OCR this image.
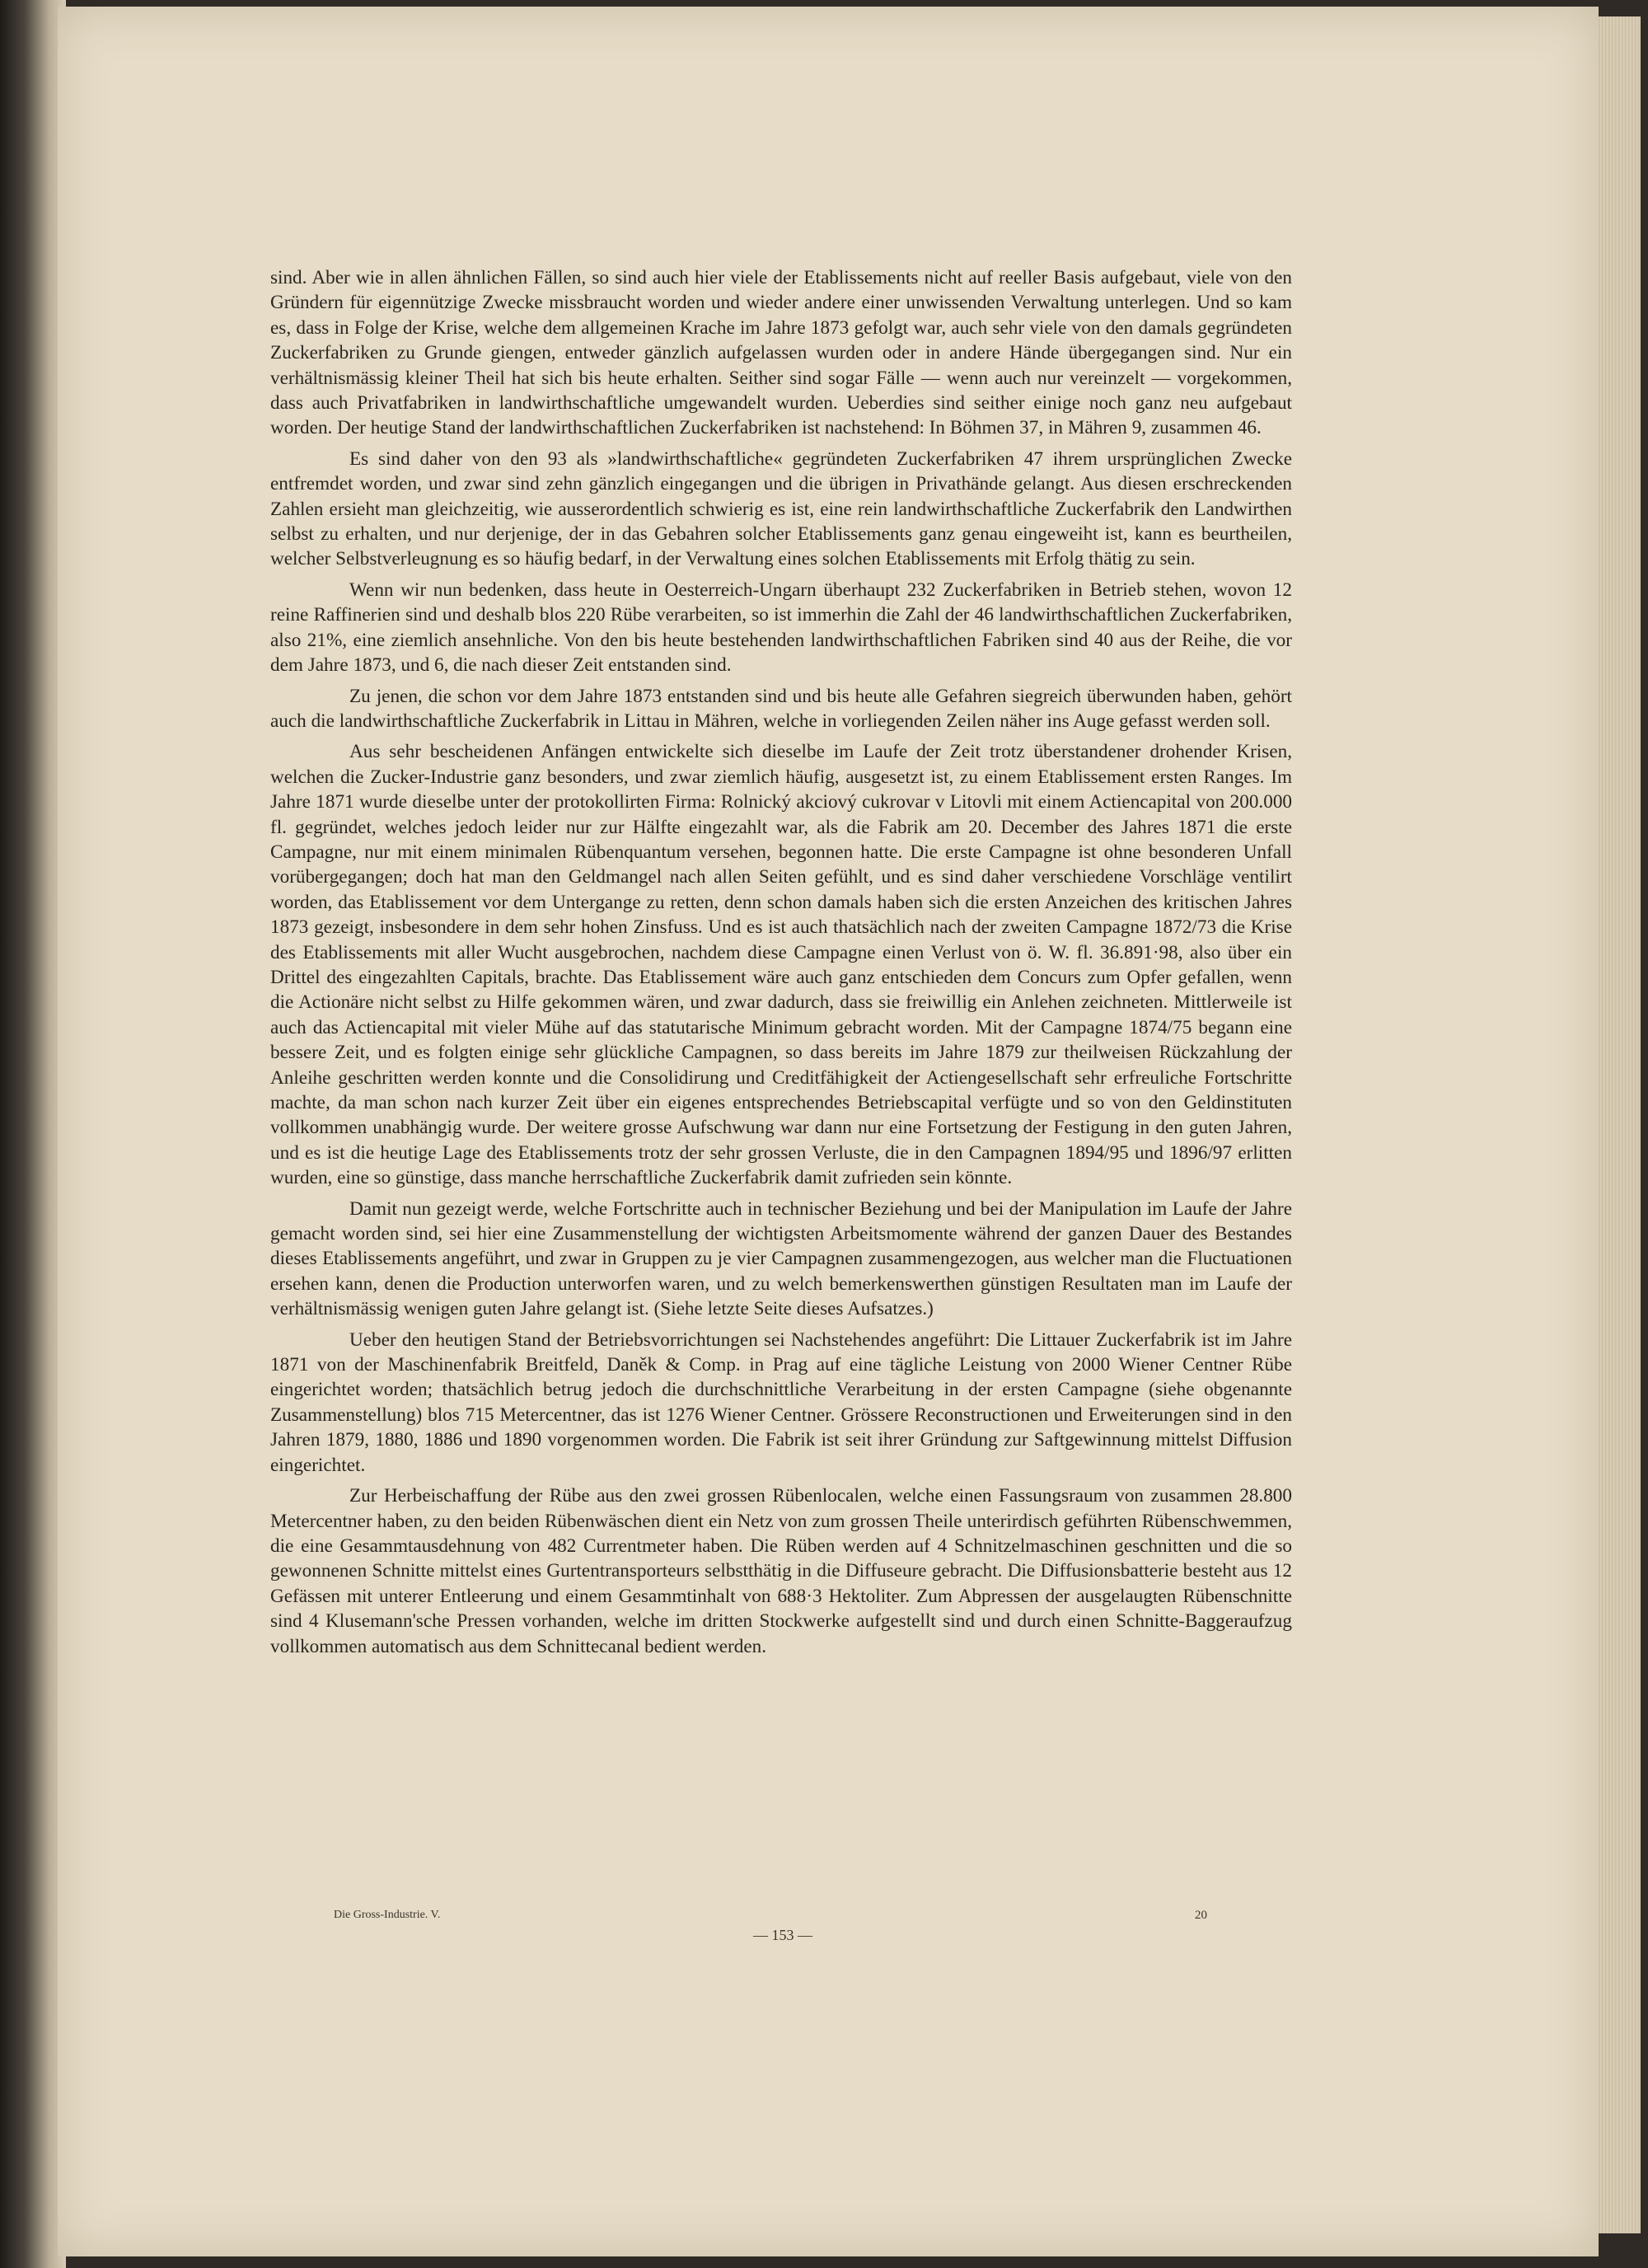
sind. Aber wie in allen ähnlichen Fällen, so sind auch hier viele der Etablissements nicht auf reeller Basis aufgebaut, viele von den Gründern für eigennützige Zwecke missbraucht worden und wieder andere einer unwissenden Verwaltung unterlegen. Und so kam es, dass in Folge der Krise, welche dem allgemeinen Krache im Jahre 1873 gefolgt war, auch sehr viele von den damals gegründeten Zuckerfabriken zu Grunde giengen, entweder gänzlich aufgelassen wurden oder in andere Hände übergegangen sind. Nur ein verhältnismässig kleiner Theil hat sich bis heute erhalten. Seither sind sogar Fälle — wenn auch nur vereinzelt — vorgekommen, dass auch Privatfabriken in landwirthschaftliche umgewandelt wurden. Ueberdies sind seither einige noch ganz neu aufgebaut worden. Der heutige Stand der landwirthschaftlichen Zuckerfabriken ist nachstehend: In Böhmen 37, in Mähren 9, zusammen 46.

Es sind daher von den 93 als »landwirthschaftliche« gegründeten Zuckerfabriken 47 ihrem ursprünglichen Zwecke entfremdet worden, und zwar sind zehn gänzlich eingegangen und die übrigen in Privathände gelangt. Aus diesen erschreckenden Zahlen ersieht man gleichzeitig, wie ausserordentlich schwierig es ist, eine rein landwirthschaftliche Zuckerfabrik den Landwirthen selbst zu erhalten, und nur derjenige, der in das Gebahren solcher Etablissements ganz genau eingeweiht ist, kann es beurtheilen, welcher Selbstverleugnung es so häufig bedarf, in der Verwaltung eines solchen Etablissements mit Erfolg thätig zu sein.

Wenn wir nun bedenken, dass heute in Oesterreich-Ungarn überhaupt 232 Zuckerfabriken in Betrieb stehen, wovon 12 reine Raffinerien sind und deshalb blos 220 Rübe verarbeiten, so ist immerhin die Zahl der 46 landwirthschaftlichen Zuckerfabriken, also 21%, eine ziemlich ansehnliche. Von den bis heute bestehenden landwirthschaftlichen Fabriken sind 40 aus der Reihe, die vor dem Jahre 1873, und 6, die nach dieser Zeit entstanden sind.

Zu jenen, die schon vor dem Jahre 1873 entstanden sind und bis heute alle Gefahren siegreich überwunden haben, gehört auch die landwirthschaftliche Zuckerfabrik in Littau in Mähren, welche in vorliegenden Zeilen näher ins Auge gefasst werden soll.

Aus sehr bescheidenen Anfängen entwickelte sich dieselbe im Laufe der Zeit trotz überstandener drohender Krisen, welchen die Zucker-Industrie ganz besonders, und zwar ziemlich häufig, ausgesetzt ist, zu einem Etablissement ersten Ranges. Im Jahre 1871 wurde dieselbe unter der protokollirten Firma: Rolnický akciový cukrovar v Litovli mit einem Actiencapital von 200.000 fl. gegründet, welches jedoch leider nur zur Hälfte eingezahlt war, als die Fabrik am 20. December des Jahres 1871 die erste Campagne, nur mit einem minimalen Rübenquantum versehen, begonnen hatte. Die erste Campagne ist ohne besonderen Unfall vorübergegangen; doch hat man den Geldmangel nach allen Seiten gefühlt, und es sind daher verschiedene Vorschläge ventilirt worden, das Etablissement vor dem Untergange zu retten, denn schon damals haben sich die ersten Anzeichen des kritischen Jahres 1873 gezeigt, insbesondere in dem sehr hohen Zinsfuss. Und es ist auch thatsächlich nach der zweiten Campagne 1872/73 die Krise des Etablissements mit aller Wucht ausgebrochen, nachdem diese Campagne einen Verlust von ö. W. fl. 36.891·98, also über ein Drittel des eingezahlten Capitals, brachte. Das Etablissement wäre auch ganz entschieden dem Concurs zum Opfer gefallen, wenn die Actionäre nicht selbst zu Hilfe gekommen wären, und zwar dadurch, dass sie freiwillig ein Anlehen zeichneten. Mittlerweile ist auch das Actiencapital mit vieler Mühe auf das statutarische Minimum gebracht worden. Mit der Campagne 1874/75 begann eine bessere Zeit, und es folgten einige sehr glückliche Campagnen, so dass bereits im Jahre 1879 zur theilweisen Rückzahlung der Anleihe geschritten werden konnte und die Consolidirung und Creditfähigkeit der Actiengesellschaft sehr erfreuliche Fortschritte machte, da man schon nach kurzer Zeit über ein eigenes entsprechendes Betriebscapital verfügte und so von den Geldinstituten vollkommen unabhängig wurde. Der weitere grosse Aufschwung war dann nur eine Fortsetzung der Festigung in den guten Jahren, und es ist die heutige Lage des Etablissements trotz der sehr grossen Verluste, die in den Campagnen 1894/95 und 1896/97 erlitten wurden, eine so günstige, dass manche herrschaftliche Zuckerfabrik damit zufrieden sein könnte.

Damit nun gezeigt werde, welche Fortschritte auch in technischer Beziehung und bei der Manipulation im Laufe der Jahre gemacht worden sind, sei hier eine Zusammenstellung der wichtigsten Arbeitsmomente während der ganzen Dauer des Bestandes dieses Etablissements angeführt, und zwar in Gruppen zu je vier Campagnen zusammengezogen, aus welcher man die Fluctuationen ersehen kann, denen die Production unterworfen waren, und zu welch bemerkenswerthen günstigen Resultaten man im Laufe der verhältnismässig wenigen guten Jahre gelangt ist. (Siehe letzte Seite dieses Aufsatzes.)

Ueber den heutigen Stand der Betriebsvorrichtungen sei Nachstehendes angeführt: Die Littauer Zuckerfabrik ist im Jahre 1871 von der Maschinenfabrik Breitfeld, Daněk & Comp. in Prag auf eine tägliche Leistung von 2000 Wiener Centner Rübe eingerichtet worden; thatsächlich betrug jedoch die durchschnittliche Verarbeitung in der ersten Campagne (siehe obgenannte Zusammenstellung) blos 715 Metercentner, das ist 1276 Wiener Centner. Grössere Reconstructionen und Erweiterungen sind in den Jahren 1879, 1880, 1886 und 1890 vorgenommen worden. Die Fabrik ist seit ihrer Gründung zur Saftgewinnung mittelst Diffusion eingerichtet.

Zur Herbeischaffung der Rübe aus den zwei grossen Rübenlocalen, welche einen Fassungsraum von zusammen 28.800 Metercentner haben, zu den beiden Rübenwäschen dient ein Netz von zum grossen Theile unterirdisch geführten Rübenschwemmen, die eine Gesammtausdehnung von 482 Currentmeter haben. Die Rüben werden auf 4 Schnitzelmaschinen geschnitten und die so gewonnenen Schnitte mittelst eines Gurtentransporteurs selbstthätig in die Diffuseure gebracht. Die Diffusionsbatterie besteht aus 12 Gefässen mit unterer Entleerung und einem Gesammtinhalt von 688·3 Hektoliter. Zum Abpressen der ausgelaugten Rübenschnitte sind 4 Klusemann'sche Pressen vorhanden, welche im dritten Stockwerke aufgestellt sind und durch einen Schnitte-Baggeraufzug vollkommen automatisch aus dem Schnittecanal bedient werden.

Die Gross-Industrie. V.	20
— 153 —
